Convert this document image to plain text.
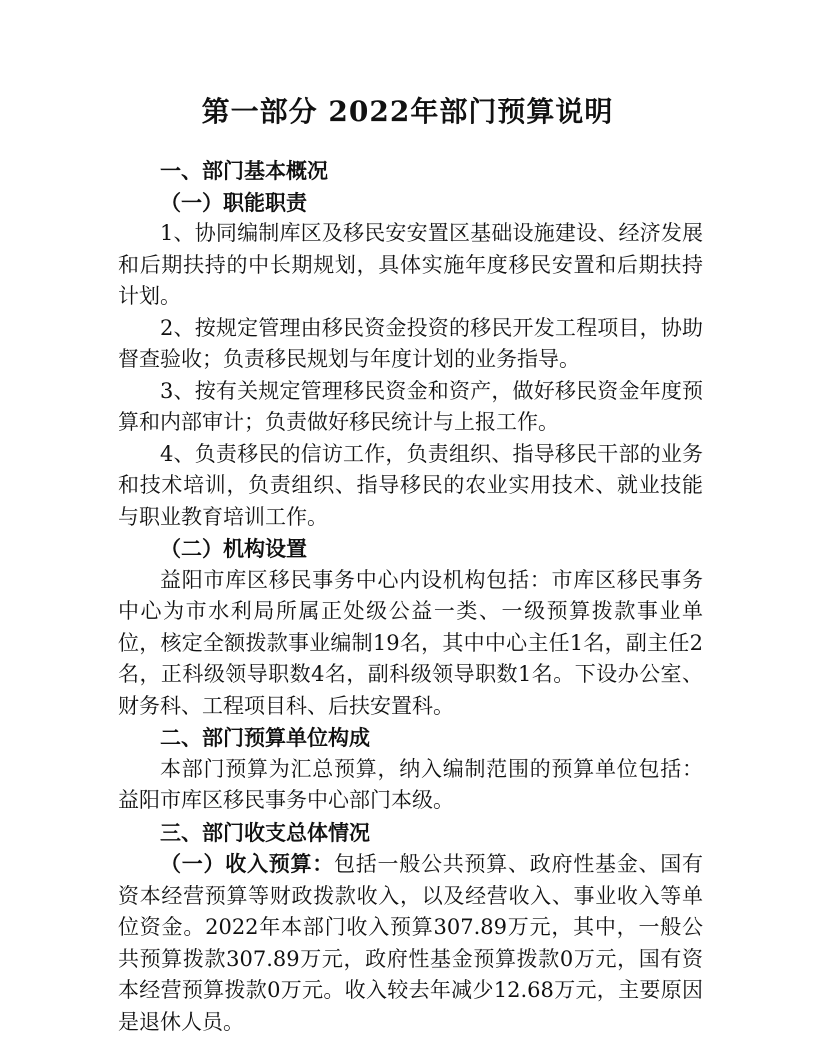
第一部分 2022年部门预算说明

一、部门基本概况

（一）职能职责

1、协同编制库区及移民安安置区基础设施建设、经济发展和后期扶持的中长期规划，具体实施年度移民安置和后期扶持计划。

2、按规定管理由移民资金投资的移民开发工程项目，协助督查验收；负责移民规划与年度计划的业务指导。

3、按有关规定管理移民资金和资产，做好移民资金年度预算和内部审计；负责做好移民统计与上报工作。

4、负责移民的信访工作，负责组织、指导移民干部的业务和技术培训，负责组织、指导移民的农业实用技术、就业技能与职业教育培训工作。

（二）机构设置

益阳市库区移民事务中心内设机构包括：市库区移民事务中心为市水利局所属正处级公益一类、一级预算拨款事业单位，核定全额拨款事业编制19名，其中中心主任1名，副主任2名，正科级领导职数4名，副科级领导职数1名。下设办公室、财务科、工程项目科、后扶安置科。

二、部门预算单位构成

本部门预算为汇总预算，纳入编制范围的预算单位包括：益阳市库区移民事务中心部门本级。

三、部门收支总体情况

（一）收入预算：包括一般公共预算、政府性基金、国有资本经营预算等财政拨款收入，以及经营收入、事业收入等单位资金。2022年本部门收入预算307.89万元，其中，一般公共预算拨款307.89万元，政府性基金预算拨款0万元，国有资本经营预算拨款0万元。收入较去年减少12.68万元，主要原因是退休人员。
